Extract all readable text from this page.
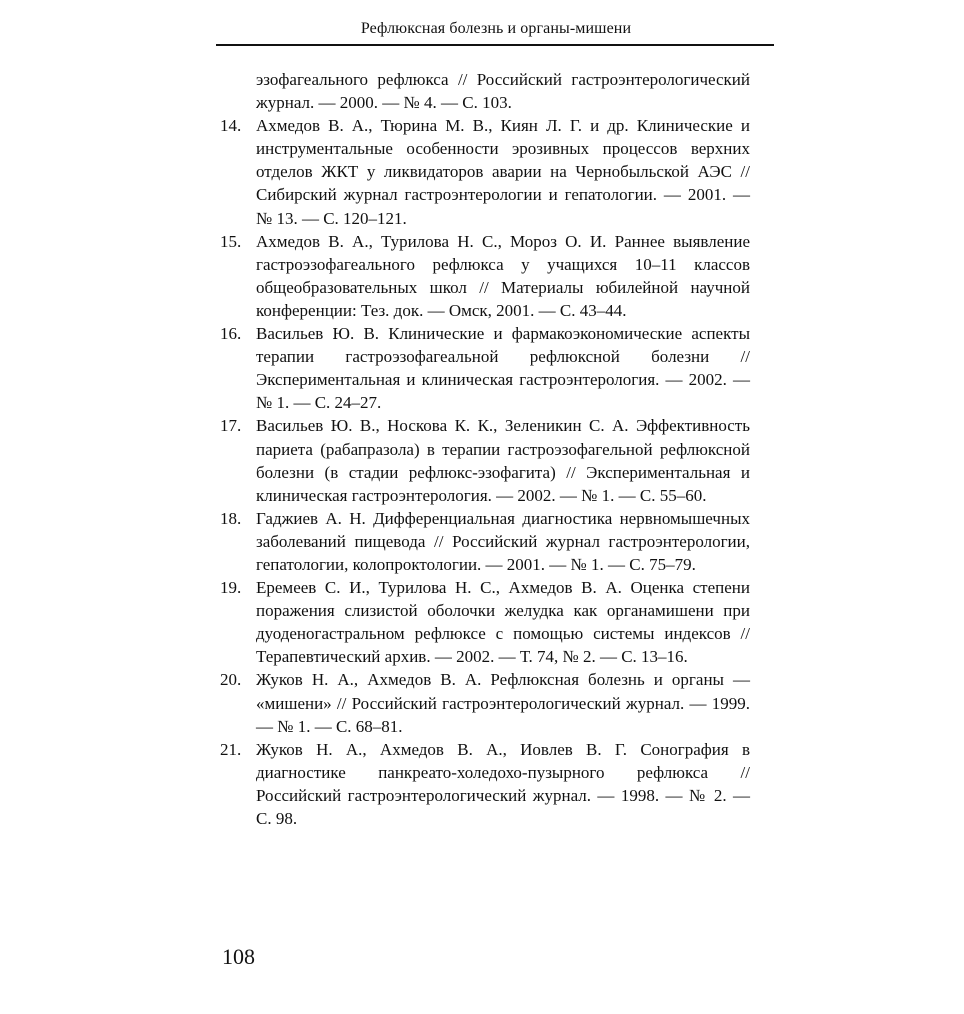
Рефлюксная болезнь и органы-мишени

эзофагеального рефлюкса // Российский гастроэнтерологический журнал. — 2000. — № 4. — С. 103.

14. Ахмедов В. А., Тюрина М. В., Киян Л. Г. и др. Клинические и инструментальные особенности эрозивных процессов верхних отделов ЖКТ у ликвидаторов аварии на Чернобыльской АЭС // Сибирский журнал гастроэнтерологии и гепатологии. — 2001. — № 13. — С. 120–121.

15. Ахмедов В. А., Турилова Н. С., Мороз О. И. Раннее выявление гастроэзофагеального рефлюкса у учащихся 10–11 классов общеобразовательных школ // Материалы юбилейной научной конференции: Тез. док. — Омск, 2001. — С. 43–44.

16. Васильев Ю. В. Клинические и фармакоэкономические аспекты терапии гастроэзофагеальной рефлюксной болезни // Экспериментальная и клиническая гастроэнтерология. — 2002. — № 1. — С. 24–27.

17. Васильев Ю. В., Носкова К. К., Зеленикин С. А. Эффективность париета (рабапразола) в терапии гастроэзофагельной рефлюксной болезни (в стадии рефлюкс-эзофагита) // Экспериментальная и клиническая гастроэнтерология. — 2002. — № 1. — С. 55–60.

18. Гаджиев А. Н. Дифференциальная диагностика нервномышечных заболеваний пищевода // Российский журнал гастроэнтерологии, гепатологии, колопроктологии. — 2001. — № 1. — С. 75–79.

19. Еремеев С. И., Турилова Н. С., Ахмедов В. А. Оценка степени поражения слизистой оболочки желудка как органамишени при дуоденогастральном рефлюксе с помощью системы индексов // Терапевтический архив. — 2002. — Т. 74, № 2. — С. 13–16.

20. Жуков Н. А., Ахмедов В. А. Рефлюксная болезнь и органы — «мишени» // Российский гастроэнтерологический журнал. — 1999. — № 1. — С. 68–81.

21. Жуков Н. А., Ахмедов В. А., Иовлев В. Г. Сонография в диагностике панкреато-холедохо-пузырного рефлюкса // Российский гастроэнтерологический журнал. — 1998. — № 2. — С. 98.

108
